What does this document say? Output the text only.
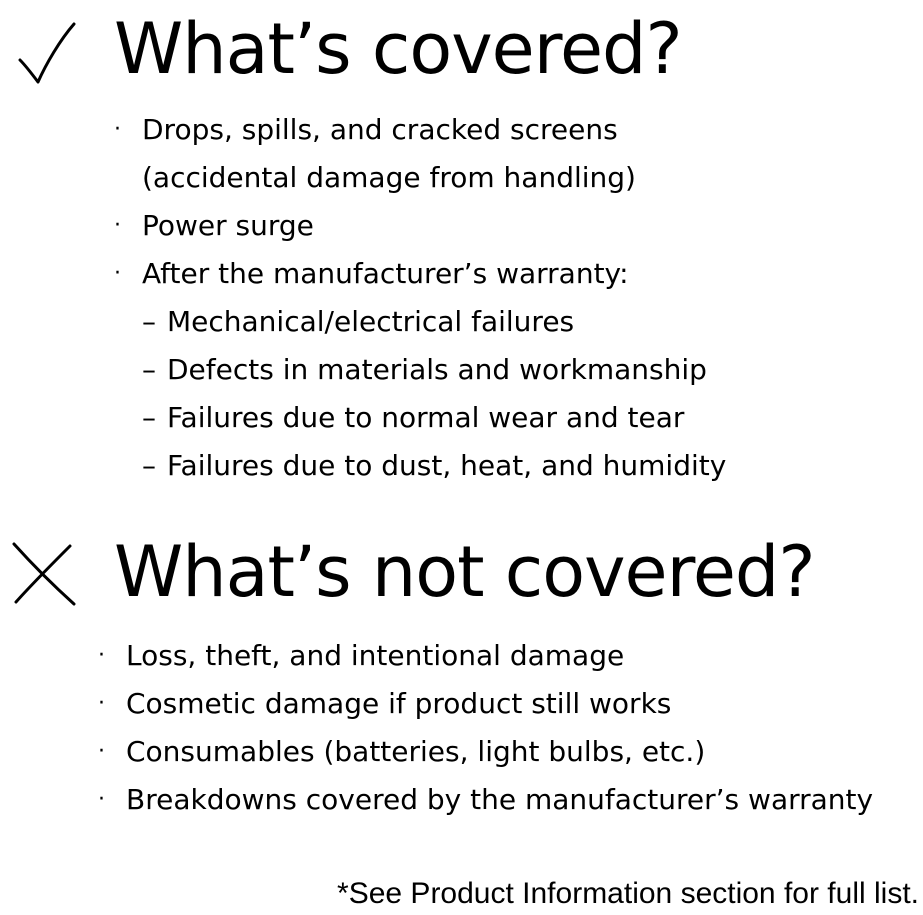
What’s covered?
· Drops, spills, and cracked screens
(accidental damage from handling)
· Power surge
· After the manufacturer’s warranty:
– Mechanical/electrical failures
– Defects in materials and workmanship
– Failures due to normal wear and tear
– Failures due to dust, heat, and humidity
What’s not covered?
· Loss, theft, and intentional damage
· Cosmetic damage if product still works
· Consumables (batteries, light bulbs, etc.)
· Breakdowns covered by the manufacturer’s warranty
*See Product Information section for full list.
